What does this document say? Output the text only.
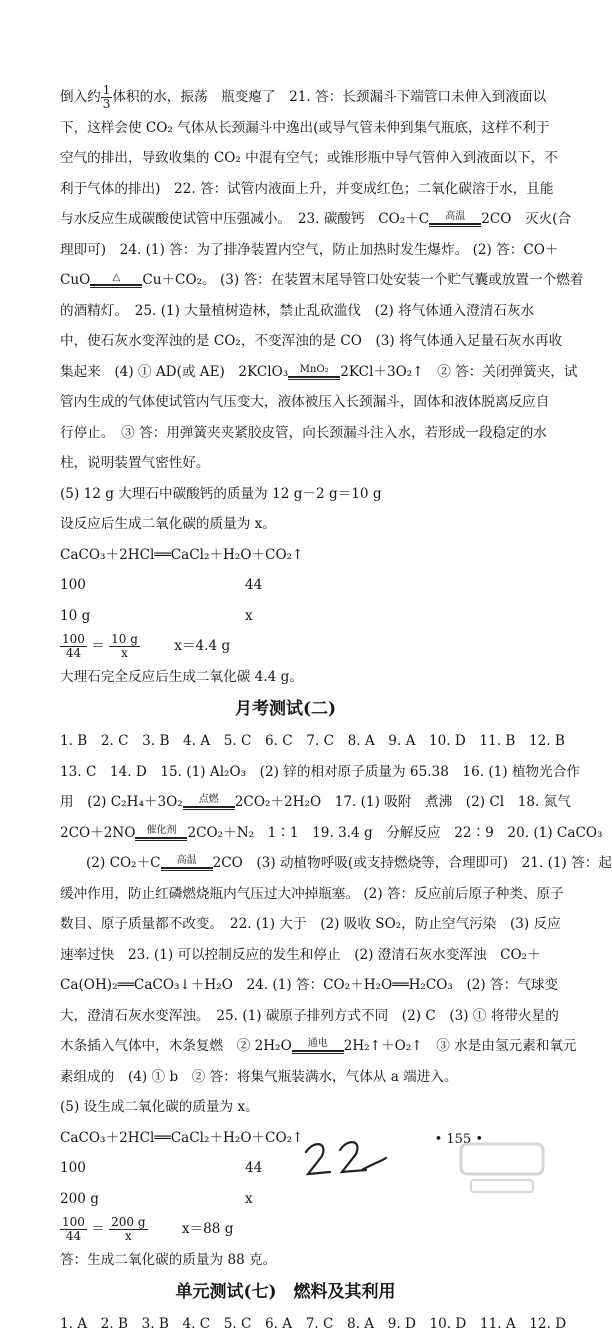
倒入约 $\frac{1}{3}$ 体积的水，振荡　瓶变瘪了　21. 答：长颈漏斗下端管口未伸入到液面以
下，这样会使 CO₂ 气体从长颈漏斗中逸出(或导气管未伸到集气瓶底，这样不利于
空气的排出，导致收集的 CO₂ 中混有空气；或锥形瓶中导气管伸入到液面以下，不
利于气体的排出)　22. 答：试管内液面上升，并变成红色；二氧化碳溶于水，且能
与水反应生成碳酸使试管中压强减小。　23. 碳酸钙　CO₂＋C	高温	2CO　灭火(合
理即可)　24. (1) 答：为了排净装置内空气，防止加热时发生爆炸。 (2) 答：CO＋
CuO	△	Cu＋CO₂。 (3) 答：在装置末尾导管口处安装一个贮气囊或放置一个燃着
的酒精灯。　25. (1) 大量植树造林，禁止乱砍滥伐　(2) 将气体通入澄清石灰水
中，使石灰水变浑浊的是 CO₂，不变浑浊的是 CO　(3) 将气体通入足量石灰水再收
集起来　(4) ① AD(或 AE)　2KClO₃	MnO₂ 2KCl＋3O₂↑　② 答：关闭弹簧夹，试
管内生成的气体使试管内气压变大，液体被压入长颈漏斗，固体和液体脱离反应自
行停止。　③ 答：用弹簧夹夹紧胶皮管，向长颈漏斗注入水，若形成一段稳定的水
柱，说明装置气密性好。
(5) 12 g 大理石中碳酸钙的质量为 12 g－2 g＝10 g
设反应后生成二氧化碳的质量为 x。
CaCO₃＋2HCl══CaCl₂＋H₂O＋CO₂↑
100	44
10 g	x
$\frac{100}{44} = \frac{10 g}{x}$	x＝4.4 g
大理石完全反应后生成二氧化碳 4.4 g。
月考测试(二)
1. B　2. C　3. B　4. A　5. C　6. C　7. C　8. A　9. A　10. D　11. B　12. B
13. C　14. D　15. (1) Al₂O₃　(2) 锌的相对原子质量为 65.38　16. (1) 植物光合作
用　(2) C₂H₄＋3O₂	点燃	2CO₂＋2H₂O　17. (1) 吸附　煮沸　(2) Cl　18. 氮气
2CO＋2NO	催化剂 2CO₂＋N₂　1∶1　19. 3.4 g　分解反应　22∶9　20. (1) CaCO₃
(2) CO₂＋C	高温	2CO　(3) 动植物呼吸(或支持燃烧等，合理即可)　21. (1) 答：起
缓冲作用，防止红磷燃烧瓶内气压过大冲掉瓶塞。 (2) 答：反应前后原子种类、原子
数目、原子质量都不改变。　22. (1) 大于　(2) 吸收 SO₂，防止空气污染　(3) 反应
速率过快　23. (1) 可以控制反应的发生和停止　(2) 澄清石灰水变浑浊　CO₂＋
Ca(OH)₂══CaCO₃↓＋H₂O　24. (1) 答：CO₂＋H₂O══H₂CO₃　(2) 答：气球变
大，澄清石灰水变浑浊。　25. (1) 碳原子排列方式不同　(2) C　(3) ① 将带火星的
木条插入气体中，木条复燃　② 2H₂O	通电	2H₂↑＋O₂↑　③ 水是由氢元素和氧元
素组成的　(4) ① b　② 答：将集气瓶装满水，气体从 a 端进入。
(5) 设生成二氧化碳的质量为 x。
CaCO₃＋2HCl══CaCl₂＋H₂O＋CO₂↑
100	44
200 g	x
$\frac{100}{44} = \frac{200 g}{x}$	x＝88 g
答：生成二氧化碳的质量为 88 克。
单元测试(七)　燃料及其利用
1. A　2. B　3. B　4. C　5. C　6. A　7. C　8. A　9. D　10. D　11. A　12. D
• 155 •
